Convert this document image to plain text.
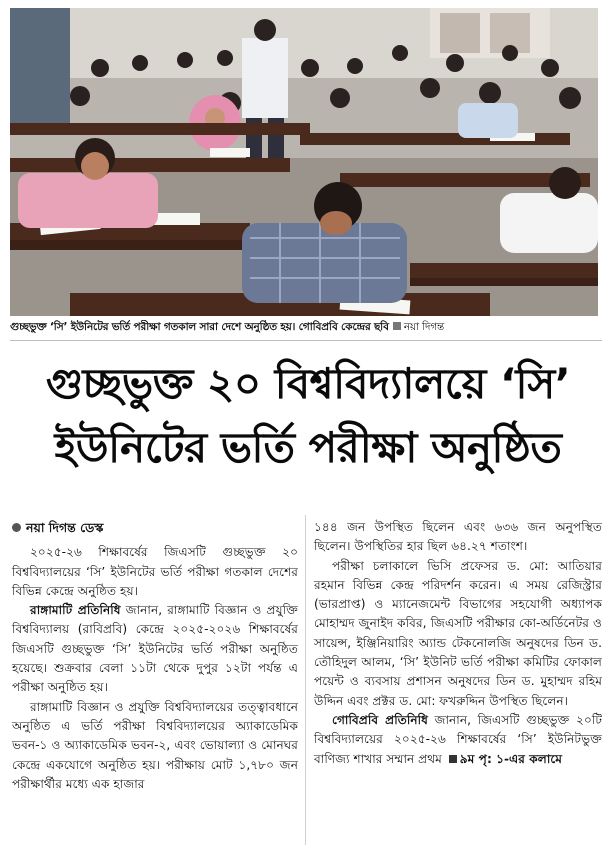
গুচ্ছভুক্ত ‘সি’ ইউনিটের ভর্তি পরীক্ষা গতকাল সারা দেশে অনুষ্ঠিত হয়। গোবিপ্রবি কেন্দ্রের ছবি নয়া দিগন্ত
গুচ্ছভুক্ত ২০ বিশ্ববিদ্যালয়ে ‘সি’
ইউনিটের ভর্তি পরীক্ষা অনুষ্ঠিত

নয়া দিগন্ত ডেস্ক

২০২৫-২৬ শিক্ষাবর্ষের জিএসটি গুচ্ছভুক্ত ২০ বিশ্ববিদ্যালয়ের ‘সি’ ইউনিটের ভর্তি পরীক্ষা গতকাল দেশের বিভিন্ন কেন্দ্রে অনুষ্ঠিত হয়।

রাঙ্গামাটি প্রতিনিধি জানান, রাঙ্গামাটি বিজ্ঞান ও প্রযুক্তি বিশ্ববিদ্যালয় (রাবিপ্রবি) কেন্দ্রে ২০২৫-২০২৬ শিক্ষাবর্ষের জিএসটি গুচ্ছভুক্ত ‘সি’ ইউনিটের ভর্তি পরীক্ষা অনুষ্ঠিত হয়েছে। শুক্রবার বেলা ১১টা থেকে দুপুর ১২টা পর্যন্ত এ পরীক্ষা অনুষ্ঠিত হয়।

রাঙ্গামাটি বিজ্ঞান ও প্রযুক্তি বিশ্ববিদ্যালয়ের তত্ত্বাবধানে অনুষ্ঠিত এ ভর্তি পরীক্ষা বিশ্ববিদ্যালয়ের অ্যাকাডেমিক ভবন-১ ও অ্যাকাডেমিক ভবন-২, এবং ভোয়াল্যা ও মোনঘর কেন্দ্রে একযোগে অনুষ্ঠিত হয়। পরীক্ষায় মোট ১,৭৮০ জন পরীক্ষার্থীর মধ্যে এক হাজার

১৪৪ জন উপস্থিত ছিলেন এবং ৬৩৬ জন অনুপস্থিত ছিলেন। উপস্থিতির হার ছিল ৬৪.২৭ শতাংশ।

পরীক্ষা চলাকালে ভিসি প্রফেসর ড. মো: আতিয়ার রহমান বিভিন্ন কেন্দ্র পরিদর্শন করেন। এ সময় রেজিস্ট্রার (ভারপ্রাপ্ত) ও ম্যানেজমেন্ট বিভাগের সহযোগী অধ্যাপক মোহাম্মদ জুনাইদ কবির, জিএসটি পরীক্ষার কো-অর্ডিনেটর ও সায়েন্স, ইঞ্জিনিয়ারিং অ্যান্ড টেকনোলজি অনুষদের ডিন ড. তৌহিদুল আলম, ‘সি’ ইউনিট ভর্তি পরীক্ষা কমিটির ফোকাল পয়েন্ট ও ব্যবসায় প্রশাসন অনুষদের ডিন ড. মুহাম্মদ রহিম উদ্দিন এবং প্রক্টর ড. মো: ফখরুদ্দিন উপস্থিত ছিলেন।

গোবিপ্রবি প্রতিনিধি জানান, জিএসটি গুচ্ছভুক্ত ২০টি বিশ্ববিদ্যালয়ের ২০২৫-২৬ শিক্ষাবর্ষের ‘সি’ ইউনিটভুক্ত বাণিজ্য শাখার সম্মান প্রথম ৯ম পৃ: ১-এর কলামে
